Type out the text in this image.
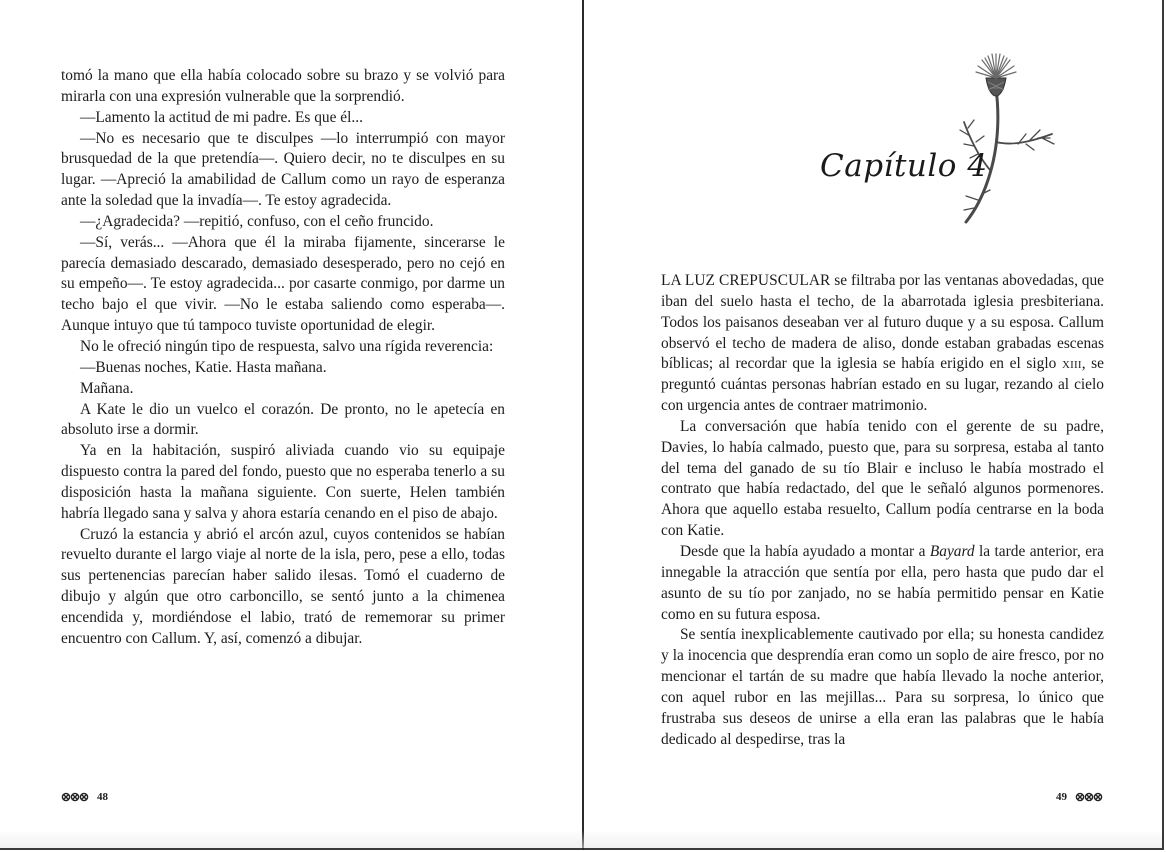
tomó la mano que ella había colocado sobre su brazo y se volvió para mirarla con una expresión vulnerable que la sorprendió.

—Lamento la actitud de mi padre. Es que él...

—No es necesario que te disculpes —lo interrumpió con mayor brusquedad de la que pretendía—. Quiero decir, no te disculpes en su lugar. —Apreció la amabilidad de Callum como un rayo de esperanza ante la soledad que la invadía—. Te estoy agradecida.

—¿Agradecida? —repitió, confuso, con el ceño fruncido.

—Sí, verás... —Ahora que él la miraba fijamente, sincerarse le parecía demasiado descarado, demasiado desesperado, pero no cejó en su empeño—. Te estoy agradecida... por casarte conmigo, por darme un techo bajo el que vivir. —No le estaba saliendo como esperaba—. Aunque intuyo que tú tampoco tuviste oportunidad de elegir.

No le ofreció ningún tipo de respuesta, salvo una rígida reverencia:

—Buenas noches, Katie. Hasta mañana.

Mañana.

A Kate le dio un vuelco el corazón. De pronto, no le apetecía en absoluto irse a dormir.

Ya en la habitación, suspiró aliviada cuando vio su equipaje dispuesto contra la pared del fondo, puesto que no esperaba tenerlo a su disposición hasta la mañana siguiente. Con suerte, Helen también habría llegado sana y salva y ahora estaría cenando en el piso de abajo.

Cruzó la estancia y abrió el arcón azul, cuyos contenidos se habían revuelto durante el largo viaje al norte de la isla, pero, pese a ello, todas sus pertenencias parecían haber salido ilesas. Tomó el cuaderno de dibujo y algún que otro carboncillo, se sentó junto a la chimenea encendida y, mordiéndose el labio, trató de rememorar su primer encuentro con Callum. Y, así, comenzó a dibujar.

48
Capítulo 4

LA LUZ CREPUSCULAR se filtraba por las ventanas abovedadas, que iban del suelo hasta el techo, de la abarrotada iglesia presbiteriana. Todos los paisanos deseaban ver al futuro duque y a su esposa. Callum observó el techo de madera de aliso, donde estaban grabadas escenas bíblicas; al recordar que la iglesia se había erigido en el siglo xiii, se preguntó cuántas personas habrían estado en su lugar, rezando al cielo con urgencia antes de contraer matrimonio.

La conversación que había tenido con el gerente de su padre, Davies, lo había calmado, puesto que, para su sorpresa, estaba al tanto del tema del ganado de su tío Blair e incluso le había mostrado el contrato que había redactado, del que le señaló algunos pormenores. Ahora que aquello estaba resuelto, Callum podía centrarse en la boda con Katie.

Desde que la había ayudado a montar a Bayard la tarde anterior, era innegable la atracción que sentía por ella, pero hasta que pudo dar el asunto de su tío por zanjado, no se había permitido pensar en Katie como en su futura esposa.

Se sentía inexplicablemente cautivado por ella; su honesta candidez y la inocencia que desprendía eran como un soplo de aire fresco, por no mencionar el tartán de su madre que había llevado la noche anterior, con aquel rubor en las mejillas... Para su sorpresa, lo único que frustraba sus deseos de unirse a ella eran las palabras que le había dedicado al despedirse, tras la

49
